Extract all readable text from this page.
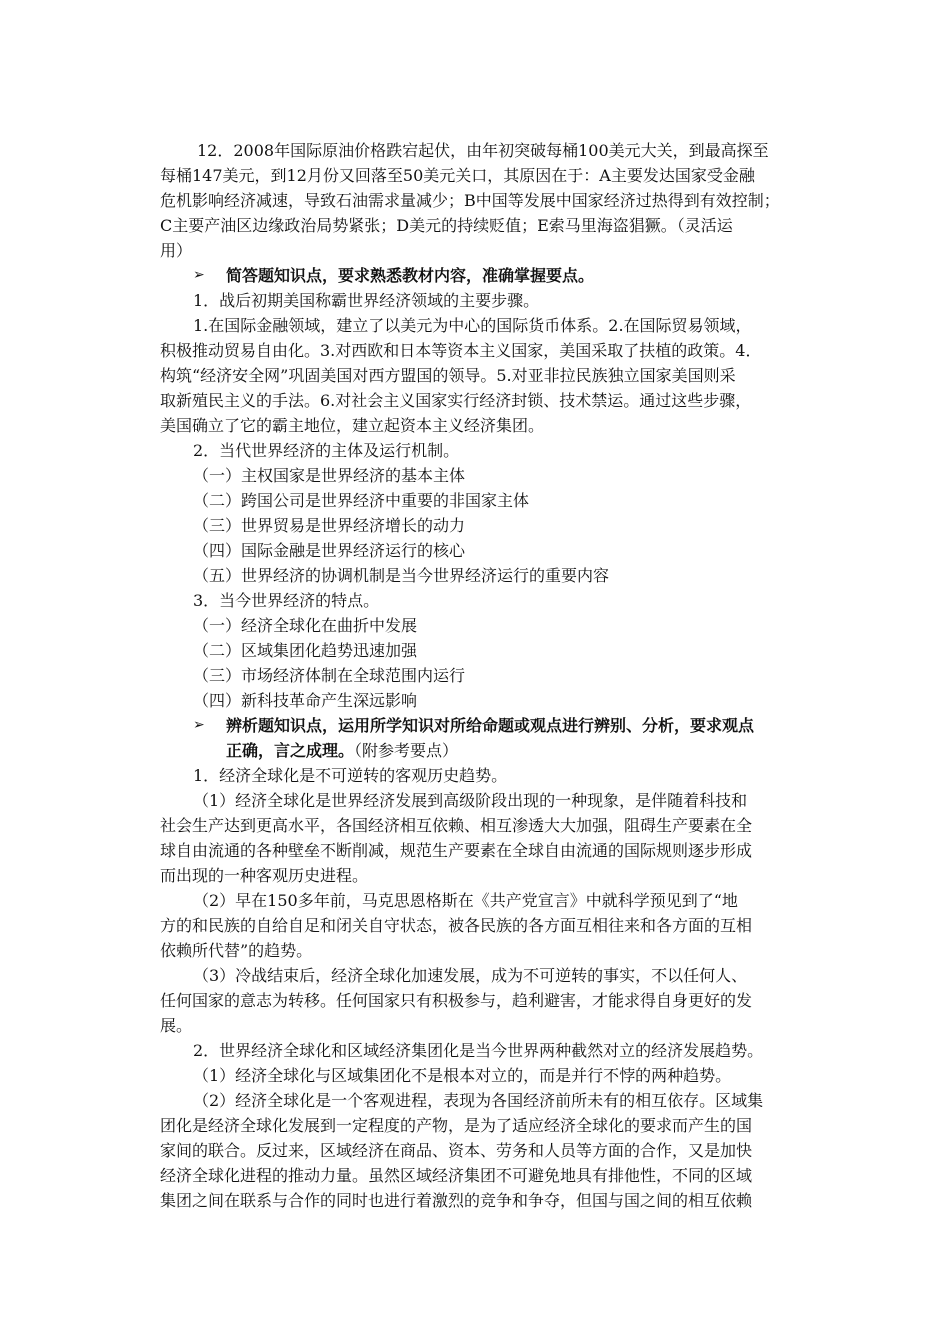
12．2008年国际原油价格跌宕起伏，由年初突破每桶100美元大关，到最高探至
每桶147美元，到12月份又回落至50美元关口，其原因在于：A主要发达国家受金融
危机影响经济减速，导致石油需求量减少；B中国等发展中国家经济过热得到有效控制；
C主要产油区边缘政治局势紧张；D美元的持续贬值；E索马里海盗猖獗。（灵活运
用）
➢ 简答题知识点，要求熟悉教材内容，准确掌握要点。
1．战后初期美国称霸世界经济领域的主要步骤。
1.在国际金融领域，建立了以美元为中心的国际货币体系。2.在国际贸易领域，
积极推动贸易自由化。3.对西欧和日本等资本主义国家，美国采取了扶植的政策。4．
构筑“经济安全网”巩固美国对西方盟国的领导。5.对亚非拉民族独立国家美国则采
取新殖民主义的手法。6.对社会主义国家实行经济封锁、技术禁运。通过这些步骤，
美国确立了它的霸主地位，建立起资本主义经济集团。
2．当代世界经济的主体及运行机制。
（一）主权国家是世界经济的基本主体
（二）跨国公司是世界经济中重要的非国家主体
（三）世界贸易是世界经济增长的动力
（四）国际金融是世界经济运行的核心
（五）世界经济的协调机制是当今世界经济运行的重要内容
3．当今世界经济的特点。
（一）经济全球化在曲折中发展
（二）区域集团化趋势迅速加强
（三）市场经济体制在全球范围内运行
（四）新科技革命产生深远影响
➢ 辨析题知识点，运用所学知识对所给命题或观点进行辨别、分析，要求观点
正确，言之成理。（附参考要点）
1．经济全球化是不可逆转的客观历史趋势。
（1）经济全球化是世界经济发展到高级阶段出现的一种现象，是伴随着科技和
社会生产达到更高水平，各国经济相互依赖、相互渗透大大加强，阻碍生产要素在全
球自由流通的各种壁垒不断削减，规范生产要素在全球自由流通的国际规则逐步形成
而出现的一种客观历史进程。
（2）早在150多年前，马克思恩格斯在《共产党宣言》中就科学预见到了“地
方的和民族的自给自足和闭关自守状态，被各民族的各方面互相往来和各方面的互相
依赖所代替”的趋势。
（3）冷战结束后，经济全球化加速发展，成为不可逆转的事实，不以任何人、
任何国家的意志为转移。任何国家只有积极参与，趋利避害，才能求得自身更好的发
展。
2．世界经济全球化和区域经济集团化是当今世界两种截然对立的经济发展趋势。
（1）经济全球化与区域集团化不是根本对立的，而是并行不悖的两种趋势。
（2）经济全球化是一个客观进程，表现为各国经济前所未有的相互依存。区域集
团化是经济全球化发展到一定程度的产物，是为了适应经济全球化的要求而产生的国
家间的联合。反过来，区域经济在商品、资本、劳务和人员等方面的合作，又是加快
经济全球化进程的推动力量。虽然区域经济集团不可避免地具有排他性，不同的区域
集团之间在联系与合作的同时也进行着激烈的竞争和争夺，但国与国之间的相互依赖
